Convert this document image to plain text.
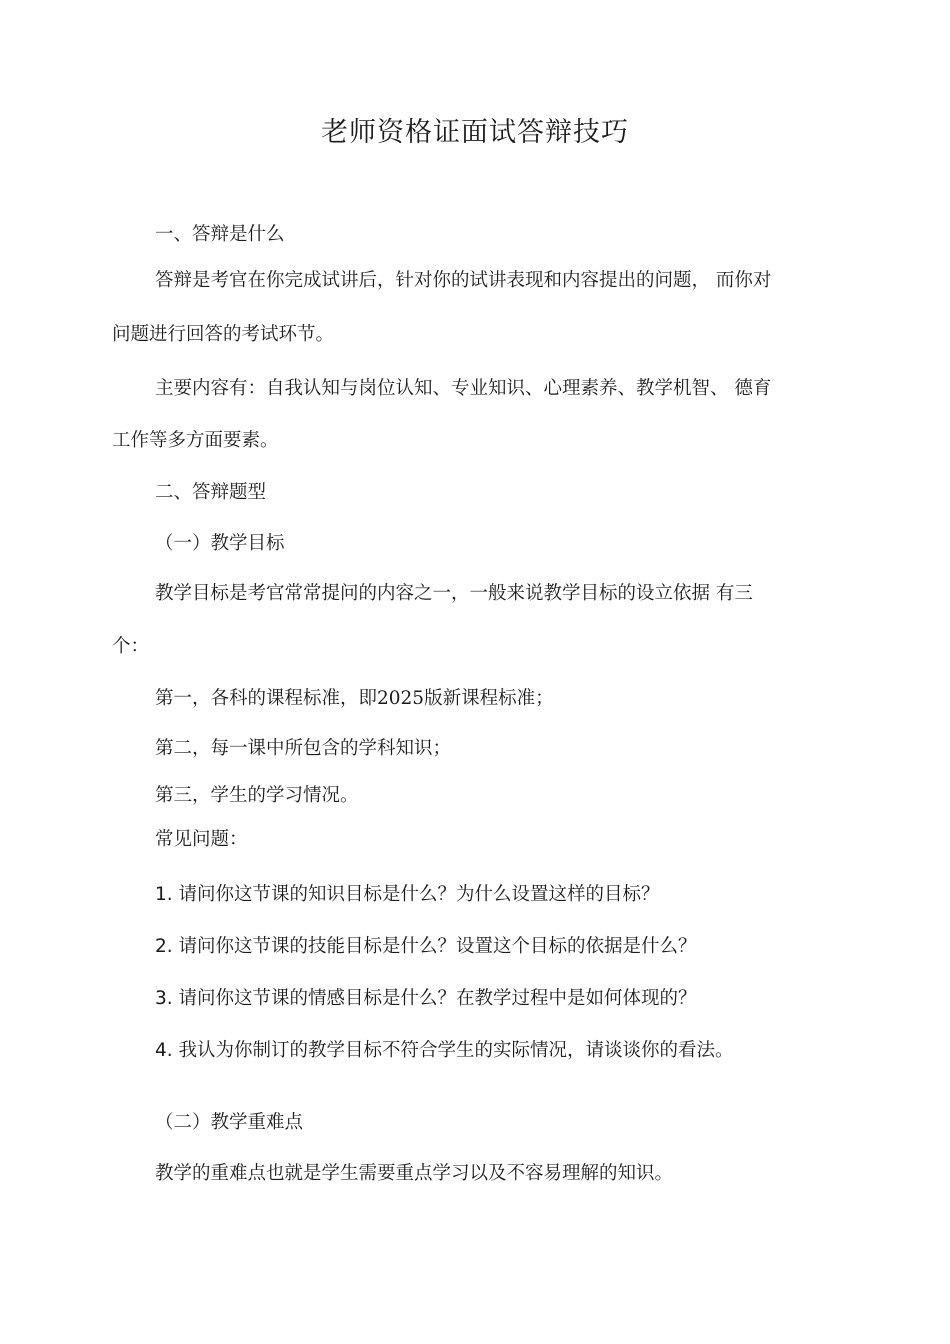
老师资格证面试答辩技巧
一、答辩是什么
答辩是考官在你完成试讲后，针对你的试讲表现和内容提出的问题， 而你对
问题进行回答的考试环节。
主要内容有：自我认知与岗位认知、专业知识、心理素养、教学机智、 德育
工作等多方面要素。
二、答辩题型
（一）教学目标
教学目标是考官常常提问的内容之一，一般来说教学目标的设立依据 有三
个：
第一，各科的课程标准，即2025版新课程标准；
第二，每一课中所包含的学科知识；
第三，学生的学习情况。
常见问题：
1. 请问你这节课的知识目标是什么？为什么设置这样的目标？
2. 请问你这节课的技能目标是什么？设置这个目标的依据是什么？
3. 请问你这节课的情感目标是什么？在教学过程中是如何体现的？
4. 我认为你制订的教学目标不符合学生的实际情况，请谈谈你的看法。
（二）教学重难点
教学的重难点也就是学生需要重点学习以及不容易理解的知识。
